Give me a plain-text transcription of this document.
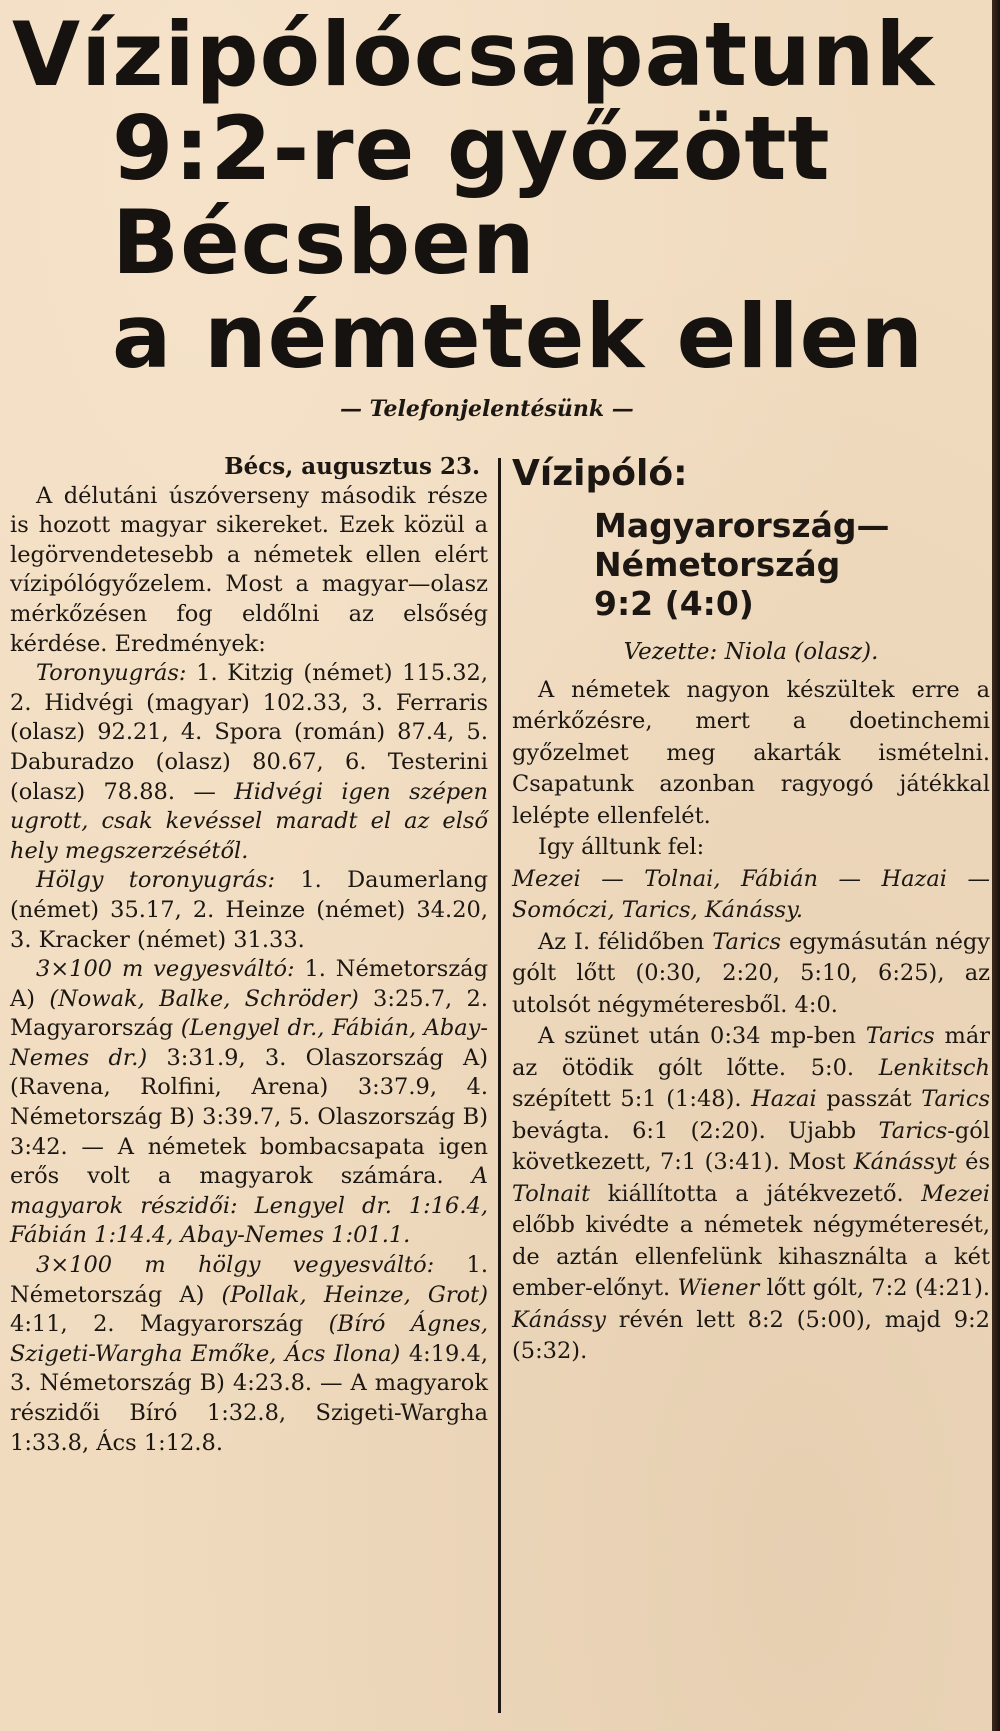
Vízipólócsapatunk
9:2-re győzött
Bécsben
a németek ellen
— Telefonjelentésünk —

Bécs, augusztus 23.

A délutáni úszóverseny második része is hozott magyar sikereket. Ezek közül a legörvendetesebb a németek ellen elért vízipólógyőzelem. Most a magyar—olasz mérkőzésen fog eldőlni az elsőség kérdése. Eredmények:

Toronyugrás: 1. Kitzig (német) 115.32, 2. Hidvégi (magyar) 102.33, 3. Ferraris (olasz) 92.21, 4. Spora (román) 87.4, 5. Daburadzo (olasz) 80.67, 6. Testerini (olasz) 78.88. — Hidvégi igen szépen ugrott, csak kevéssel maradt el az első hely megszerzésétől.

Hölgy toronyugrás: 1. Daumerlang (német) 35.17, 2. Heinze (német) 34.20, 3. Kracker (német) 31.33.

3×100 m vegyesváltó: 1. Németország A) (Nowak, Balke, Schröder) 3:25.7, 2. Magyarország (Lengyel dr., Fábián, Abay-Nemes dr.) 3:31.9, 3. Olaszország A) (Ravena, Rolfini, Arena) 3:37.9, 4. Németország B) 3:39.7, 5. Olaszország B) 3:42. — A németek bombacsapata igen erős volt a magyarok számára. A magyarok részidői: Lengyel dr. 1:16.4, Fábián 1:14.4, Abay-Nemes 1:01.1.

3×100 m hölgy vegyesváltó: 1. Németország A) (Pollak, Heinze, Grot) 4:11, 2. Magyarország (Bíró Ágnes, Szigeti-Wargha Emőke, Ács Ilona) 4:19.4, 3. Németország B) 4:23.8. — A magyarok részidői Bíró 1:32.8, Szigeti-Wargha 1:33.8, Ács 1:12.8.

Vízipóló:

Magyarország—

Németország

9:2 (4:0)

Vezette: Niola (olasz).

A németek nagyon készültek erre a mérkőzésre, mert a doetinchemi győzelmet meg akarták ismételni. Csapatunk azonban ragyogó játékkal lelépte ellenfelét.

Igy álltunk fel:

Mezei — Tolnai, Fábián — Hazai — Somóczi, Tarics, Kánássy.

Az I. félidőben Tarics egymásután négy gólt lőtt (0:30, 2:20, 5:10, 6:25), az utolsót négyméteresből. 4:0.

A szünet után 0:34 mp-ben Tarics már az ötödik gólt lőtte. 5:0. Lenkitsch szépített 5:1 (1:48). Hazai passzát Tarics bevágta. 6:1 (2:20). Ujabb Tarics-gól következett, 7:1 (3:41). Most Kánássyt és Tolnait kiállította a játékvezető. Mezei előbb kivédte a németek négyméteresét, de aztán ellenfelünk kihasználta a két ember-előnyt. Wiener lőtt gólt, 7:2 (4:21). Kánássy révén lett 8:2 (5:00), majd 9:2 (5:32).
